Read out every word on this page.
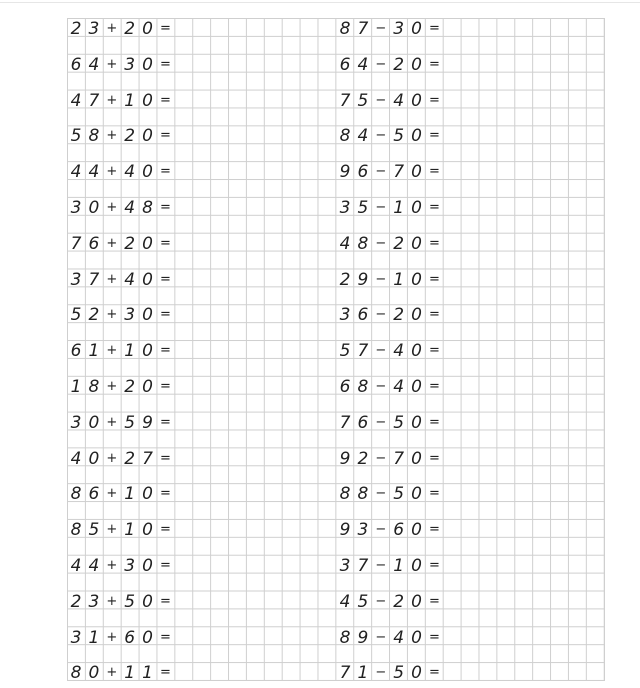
2 3 + 2 0 =
6 4 + 3 0 =
4 7 + 1 0 =
5 8 + 2 0 =
4 4 + 4 0 =
3 0 + 4 8 =
7 6 + 2 0 =
3 7 + 4 0 =
5 2 + 3 0 =
6 1 + 1 0 =
1 8 + 2 0 =
3 0 + 5 9 =
4 0 + 2 7 =
8 6 + 1 0 =
8 5 + 1 0 =
4 4 + 3 0 =
2 3 + 5 0 =
3 1 + 6 0 =
8 0 + 1 1 =
8 7 − 3 0 =
6 4 − 2 0 =
7 5 − 4 0 =
8 4 − 5 0 =
9 6 − 7 0 =
3 5 − 1 0 =
4 8 − 2 0 =
2 9 − 1 0 =
3 6 − 2 0 =
5 7 − 4 0 =
6 8 − 4 0 =
7 6 − 5 0 =
9 2 − 7 0 =
8 8 − 5 0 =
9 3 − 6 0 =
3 7 − 1 0 =
4 5 − 2 0 =
8 9 − 4 0 =
7 1 − 5 0 =
